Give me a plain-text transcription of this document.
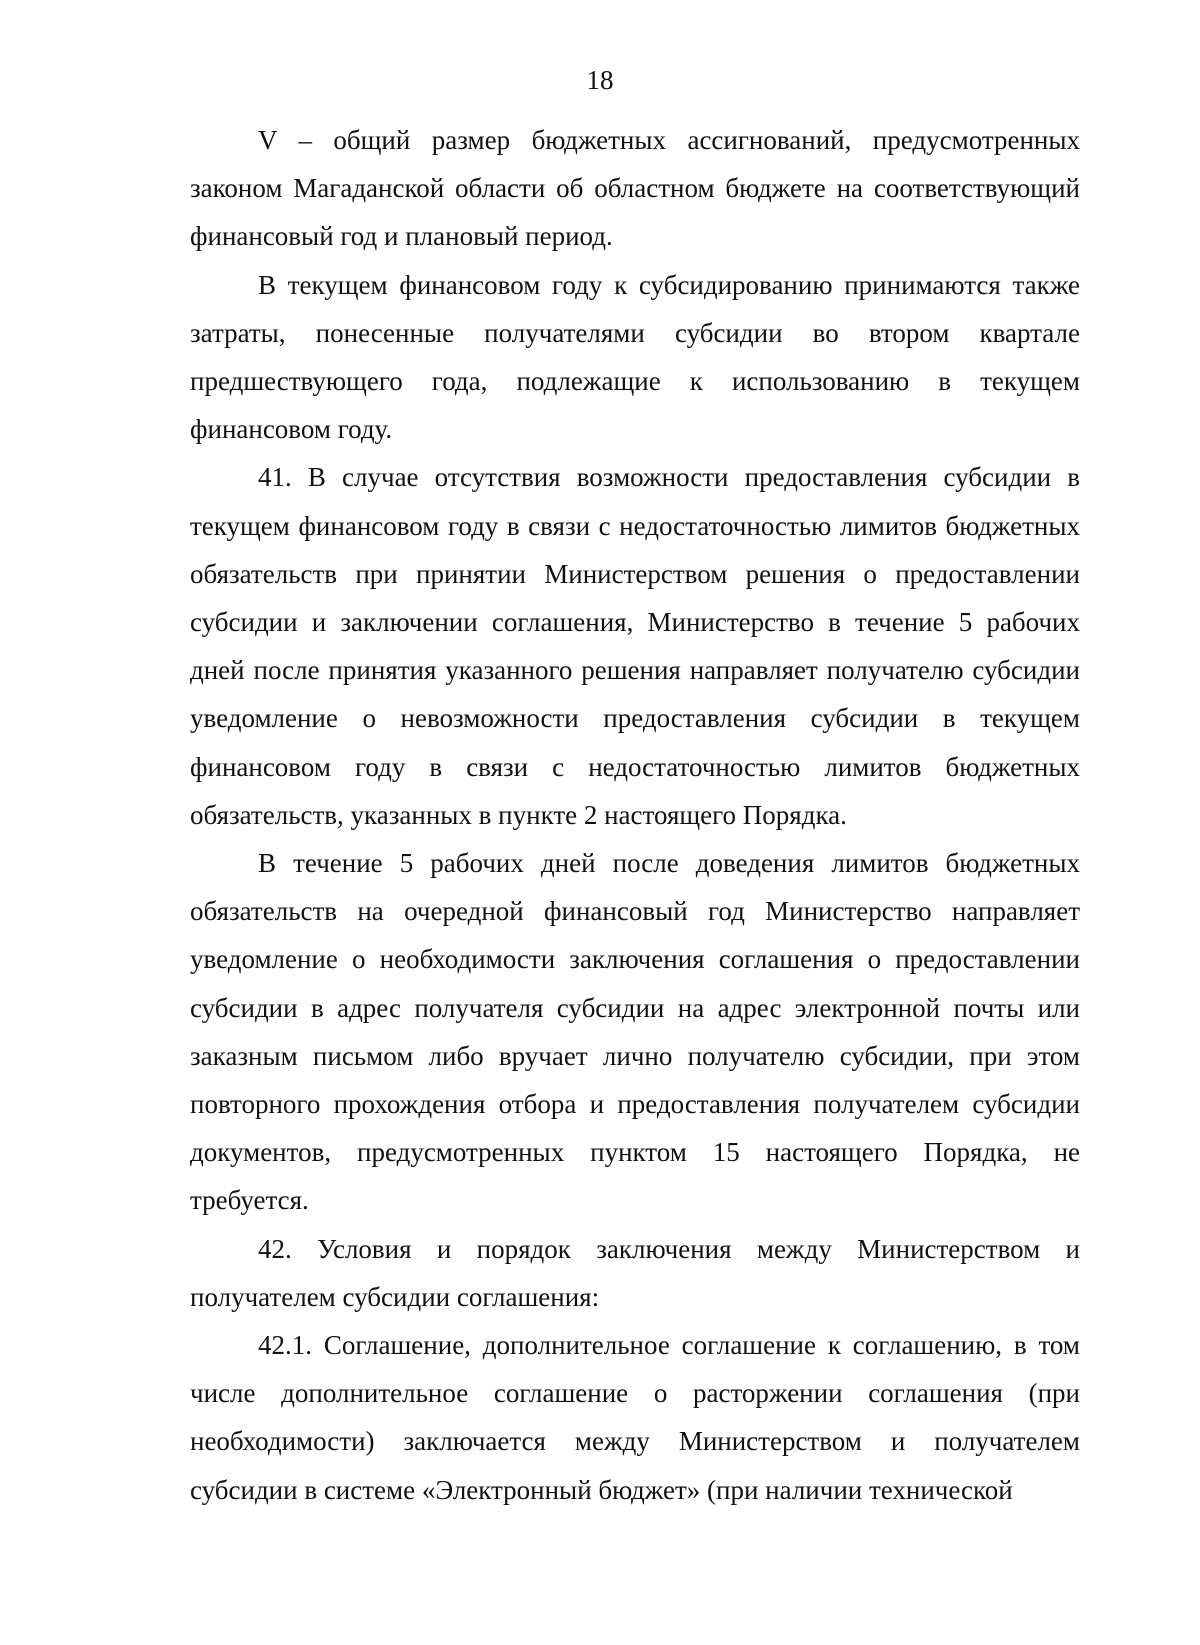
18

V – общий размер бюджетных ассигнований, предусмотренных законом Магаданской области об областном бюджете на соответствующий финансовый год и плановый период.

В текущем финансовом году к субсидированию принимаются также затраты, понесенные получателями субсидии во втором квартале предшествующего года, подлежащие к использованию в текущем финансовом году.

41. В случае отсутствия возможности предоставления субсидии в текущем финансовом году в связи с недостаточностью лимитов бюджетных обязательств при принятии Министерством решения о предоставлении субсидии и заключении соглашения, Министерство в течение 5 рабочих дней после принятия указанного решения направляет получателю субсидии уведомление о невозможности предоставления субсидии в текущем финансовом году в связи с недостаточностью лимитов бюджетных обязательств, указанных в пункте 2 настоящего Порядка.

В течение 5 рабочих дней после доведения лимитов бюджетных обязательств на очередной финансовый год Министерство направляет уведомление о необходимости заключения соглашения о предоставлении субсидии в адрес получателя субсидии на адрес электронной почты или заказным письмом либо вручает лично получателю субсидии, при этом повторного прохождения отбора и предоставления получателем субсидии документов, предусмотренных пунктом 15 настоящего Порядка, не требуется.

42. Условия и порядок заключения между Министерством и получателем субсидии соглашения:

42.1. Соглашение, дополнительное соглашение к соглашению, в том числе дополнительное соглашение о расторжении соглашения (при необходимости) заключается между Министерством и получателем субсидии в системе «Электронный бюджет» (при наличии технической
